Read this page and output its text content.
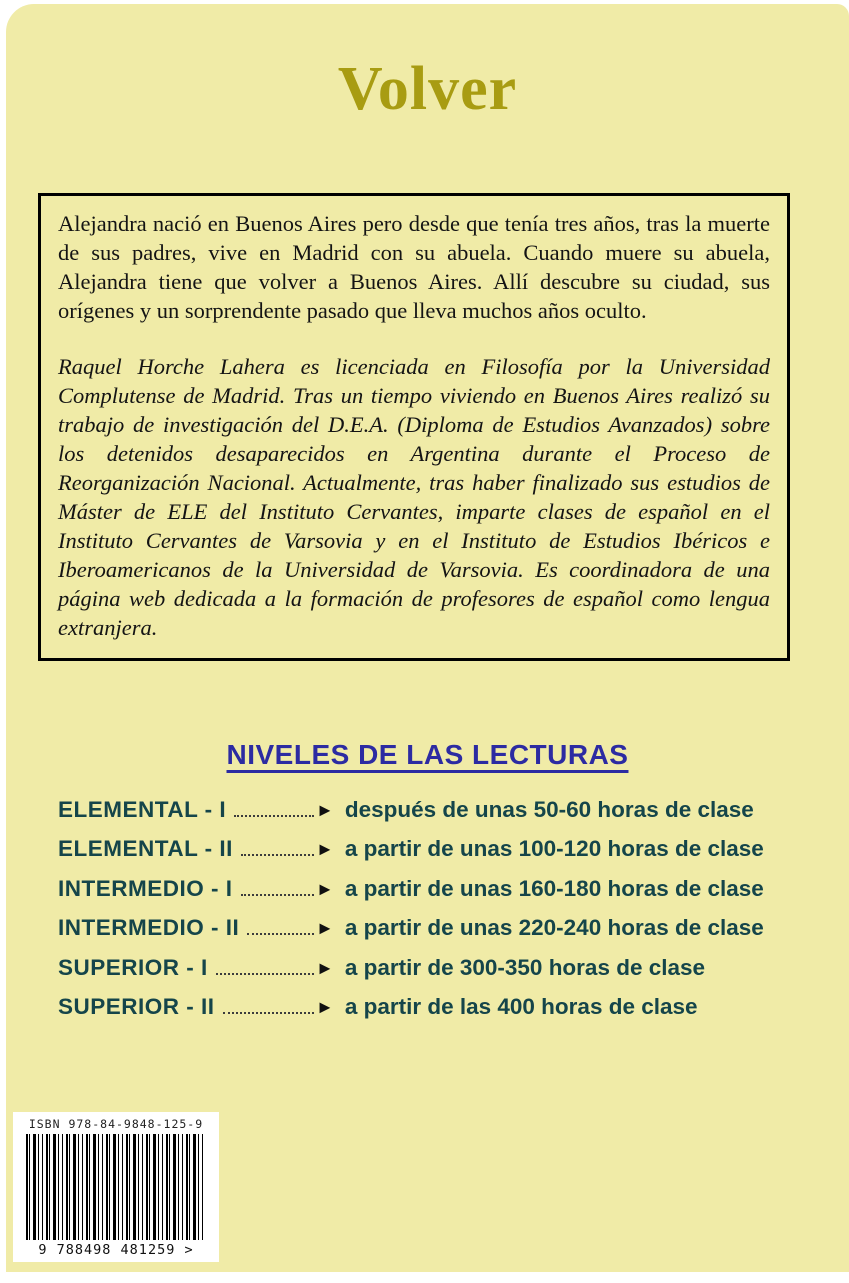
Volver

Alejandra nació en Buenos Aires pero desde que tenía tres años, tras la muerte de sus padres, vive en Madrid con su abuela. Cuando muere su abuela, Alejandra tiene que volver a Buenos Aires. Allí descubre su ciudad, sus orígenes y un sorprendente pasado que lleva muchos años oculto.

Raquel Horche Lahera es licenciada en Filosofía por la Universidad Complutense de Madrid. Tras un tiempo viviendo en Buenos Aires realizó su trabajo de investigación del D.E.A. (Diploma de Estudios Avanzados) sobre los detenidos desaparecidos en Argentina durante el Proceso de Reorganización Nacional. Actualmente, tras haber finalizado sus estudios de Máster de ELE del Instituto Cervantes, imparte clases de español en el Instituto Cervantes de Varsovia y en el Instituto de Estudios Ibéricos e Iberoamericanos de la Universidad de Varsovia. Es coordinadora de una página web dedicada a la formación de profesores de español como lengua extranjera.

NIVELES DE LAS LECTURAS
ELEMENTAL - I	► después de unas 50-60 horas de clase
ELEMENTAL - II	► a partir de unas 100-120 horas de clase
INTERMEDIO - I	► a partir de unas 160-180 horas de clase
INTERMEDIO - II	► a partir de unas 220-240 horas de clase
SUPERIOR - I	► a partir de 300-350 horas de clase
SUPERIOR - II	► a partir de las 400 horas de clase
ISBN 978-84-9848-125-9
9 788498 481259 >
